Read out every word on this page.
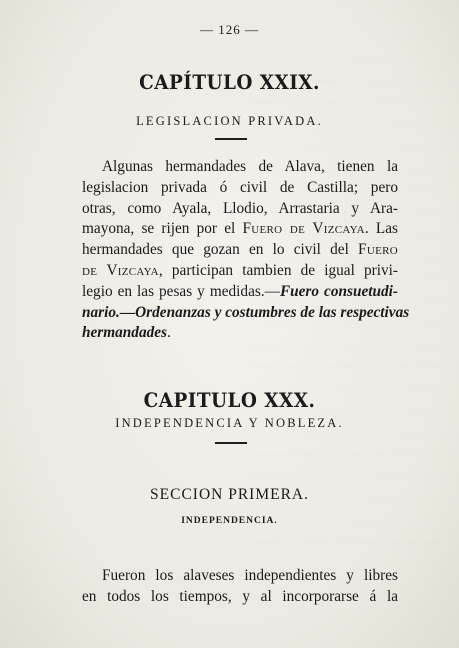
— 126 —
CAPÍTULO XXIX.
LEGISLACION PRIVADA.
Algunas hermandades de Alava, tienen la
legislacion privada ó civil de Castilla; pero
otras, como Ayala, Llodio, Arrastaria y Ara-
mayona, se rijen por el Fuero de Vizcaya. Las
hermandades que gozan en lo civil del Fuero
de Vizcaya, participan tambien de igual privi-
legio en las pesas y medidas.—Fuero consuetudi-
nario.—Ordenanzas y costumbres de las respectivas
hermandades.
CAPITULO XXX.
INDEPENDENCIA Y NOBLEZA.
SECCION PRIMERA.
INDEPENDENCIA.
Fueron los alaveses independientes y libres
en todos los tiempos, y al incorporarse á la
